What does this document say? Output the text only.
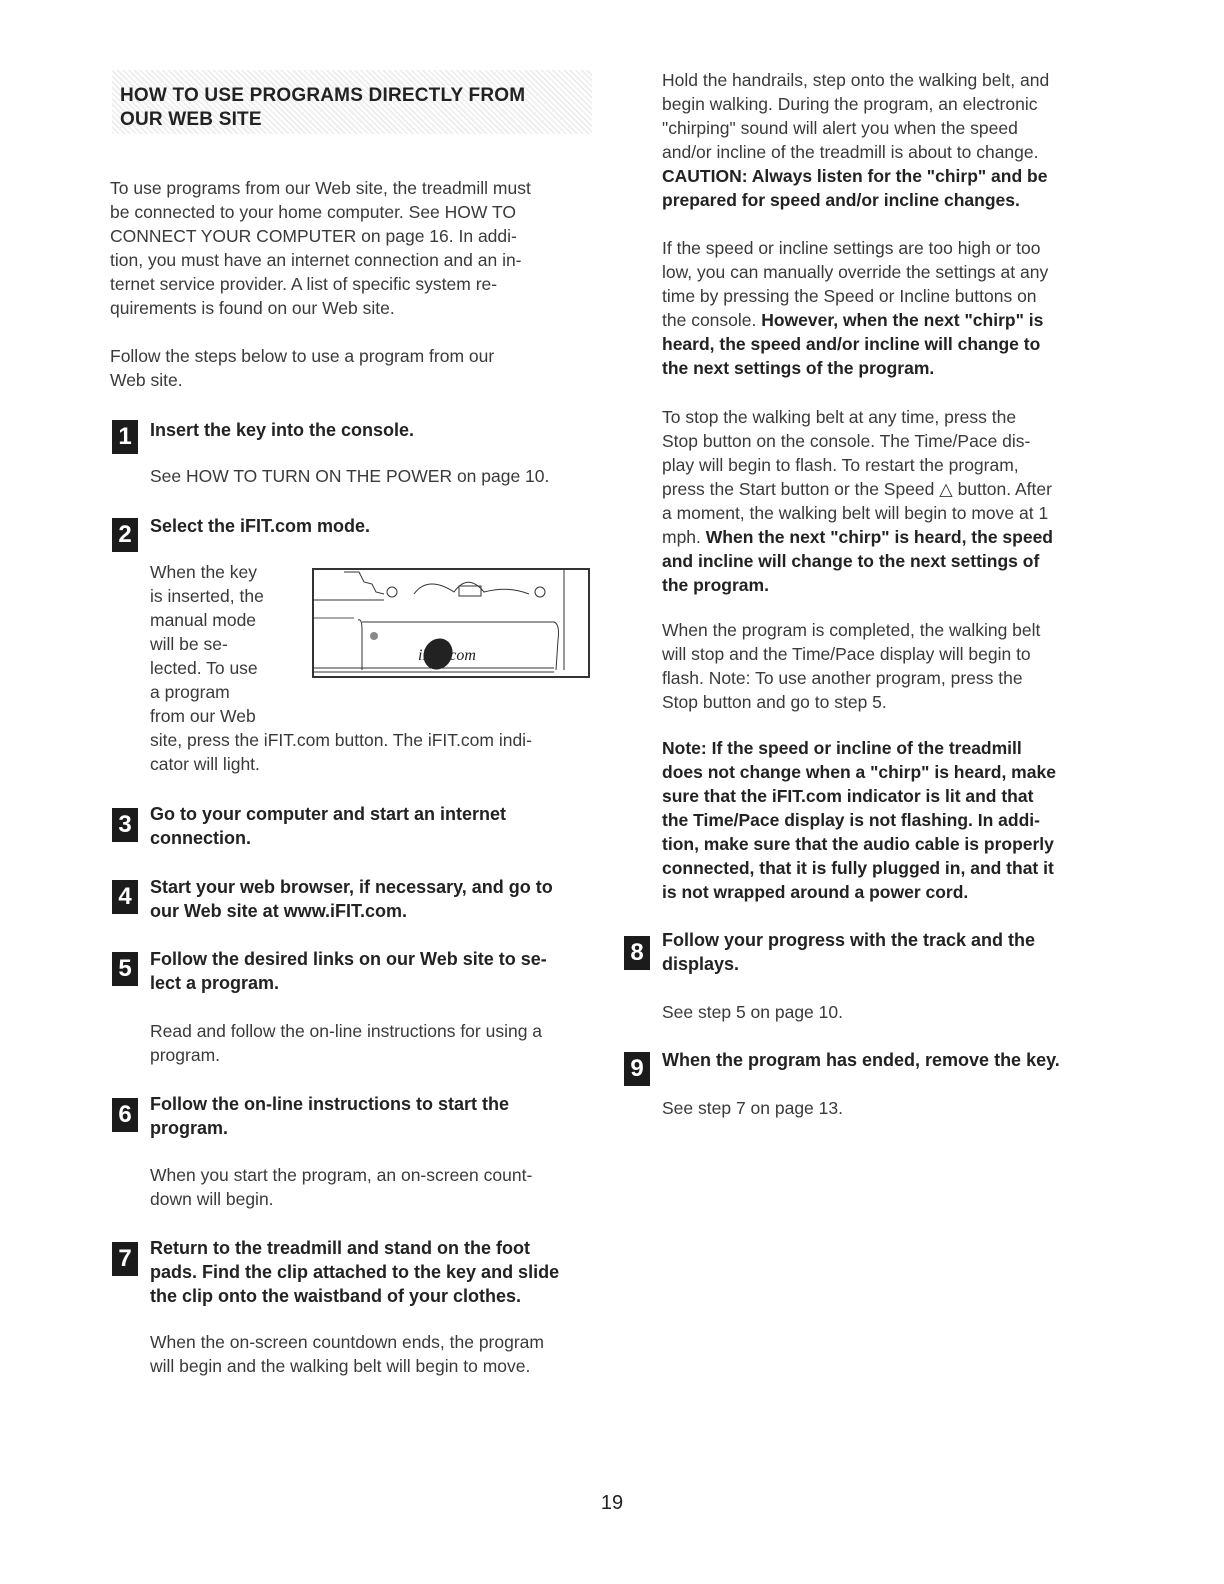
HOW TO USE PROGRAMS DIRECTLY FROM
OUR WEB SITE
To use programs from our Web site, the treadmill must
be connected to your home computer. See HOW TO
CONNECT YOUR COMPUTER on page 16. In addi-
tion, you must have an internet connection and an in-
ternet service provider. A list of specific system re-
quirements is found on our Web site.
Follow the steps below to use a program from our
Web site.
1	Insert the key into the console.
See HOW TO TURN ON THE POWER on page 10.
2	Select the iFIT.com mode.
When the key
is inserted, the
manual mode
will be se-
lected. To use
a program
from our Web
site, press the iFIT.com button. The iFIT.com indi-
cator will light.
iFIT.com
3	Go to your computer and start an internet
connection.
4	Start your web browser, if necessary, and go to
our Web site at www.iFIT.com.
5	Follow the desired links on our Web site to se-
lect a program.
Read and follow the on-line instructions for using a
program.
6	Follow the on-line instructions to start the
program.
When you start the program, an on-screen count-
down will begin.
7	Return to the treadmill and stand on the foot
pads. Find the clip attached to the key and slide
the clip onto the waistband of your clothes.
When the on-screen countdown ends, the program
will begin and the walking belt will begin to move.
Hold the handrails, step onto the walking belt, and
begin walking. During the program, an electronic
"chirping" sound will alert you when the speed
and/or incline of the treadmill is about to change.
CAUTION: Always listen for the "chirp" and be
prepared for speed and/or incline changes.
If the speed or incline settings are too high or too
low, you can manually override the settings at any
time by pressing the Speed or Incline buttons on
the console. However, when the next "chirp" is
heard, the speed and/or incline will change to
the next settings of the program.
To stop the walking belt at any time, press the
Stop button on the console. The Time/Pace dis-
play will begin to flash. To restart the program,
press the Start button or the Speed △ button. After
a moment, the walking belt will begin to move at 1
mph. When the next "chirp" is heard, the speed
and incline will change to the next settings of
the program.
When the program is completed, the walking belt
will stop and the Time/Pace display will begin to
flash. Note: To use another program, press the
Stop button and go to step 5.
Note: If the speed or incline of the treadmill
does not change when a "chirp" is heard, make
sure that the iFIT.com indicator is lit and that
the Time/Pace display is not flashing. In addi-
tion, make sure that the audio cable is properly
connected, that it is fully plugged in, and that it
is not wrapped around a power cord.
8	Follow your progress with the track and the
displays.
See step 5 on page 10.
9	When the program has ended, remove the key.
See step 7 on page 13.
19
